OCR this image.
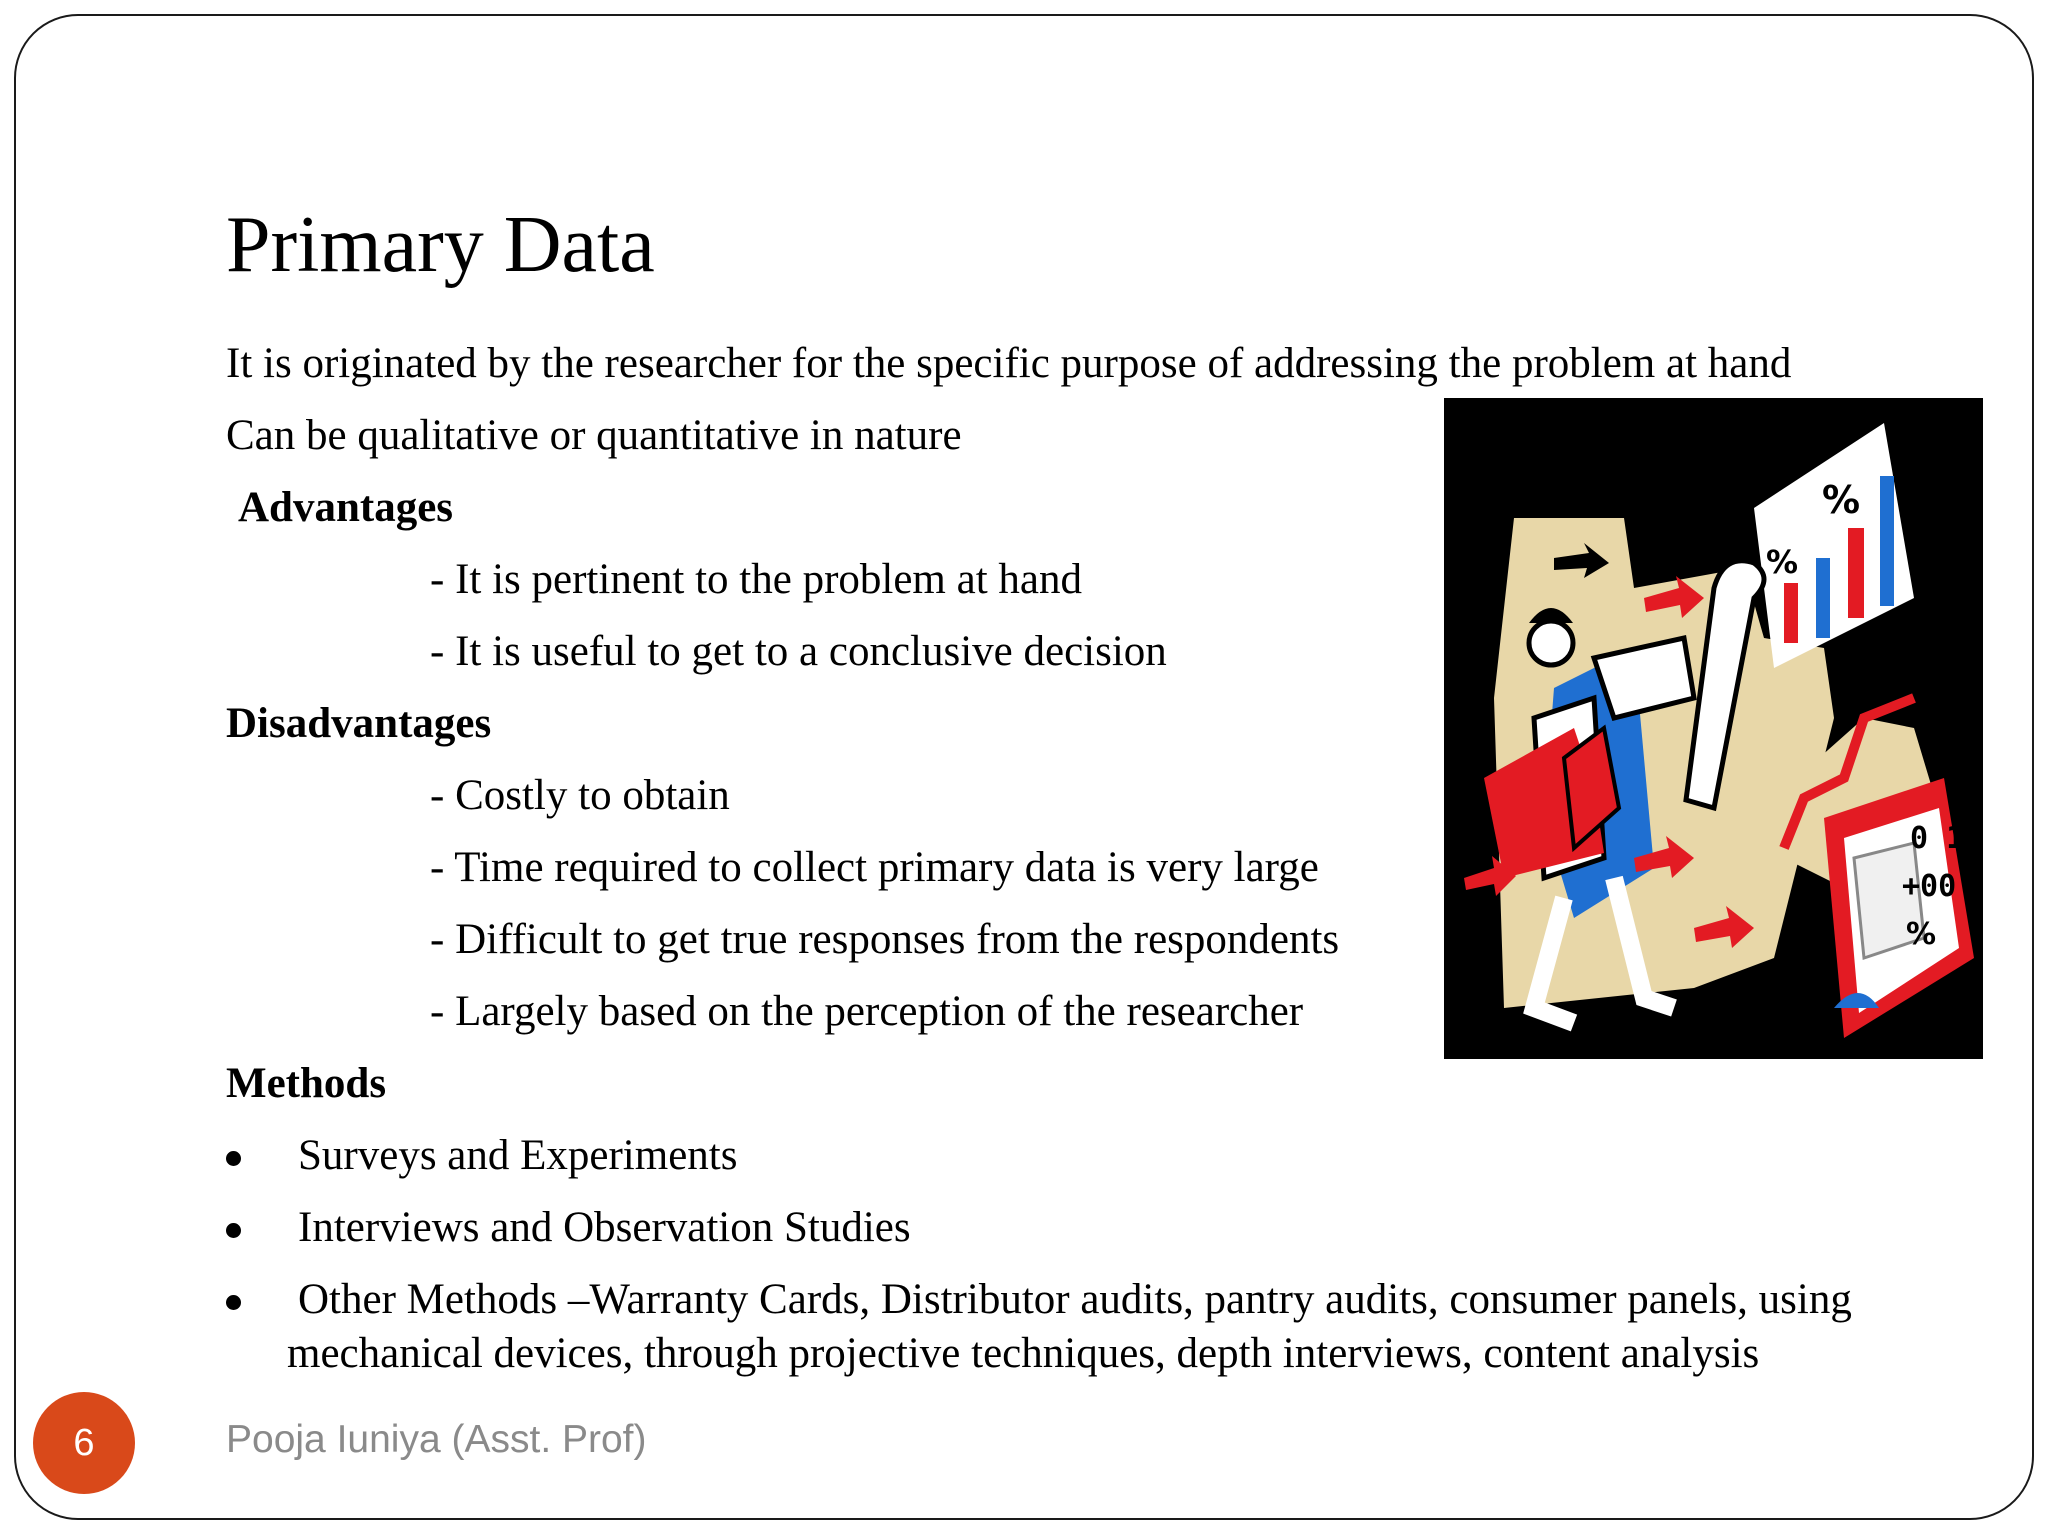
Primary Data
It is originated by the researcher for the specific purpose of addressing the problem at hand
Can be qualitative or quantitative in nature
Advantages
- It is pertinent to the problem at hand
- It is useful to get to a conclusive decision
Disadvantages
- Costly to obtain
- Time required to collect primary data is very large
- Difficult to get true responses from the respondents
- Largely based on the perception of the researcher
Methods
Surveys and Experiments
Interviews and Observation Studies
Other Methods –Warranty Cards, Distributor audits, pantry audits, consumer panels, using
mechanical devices, through projective techniques, depth interviews, content analysis
%
%
0 1
+00
%
6	Pooja Iuniya (Asst. Prof)
